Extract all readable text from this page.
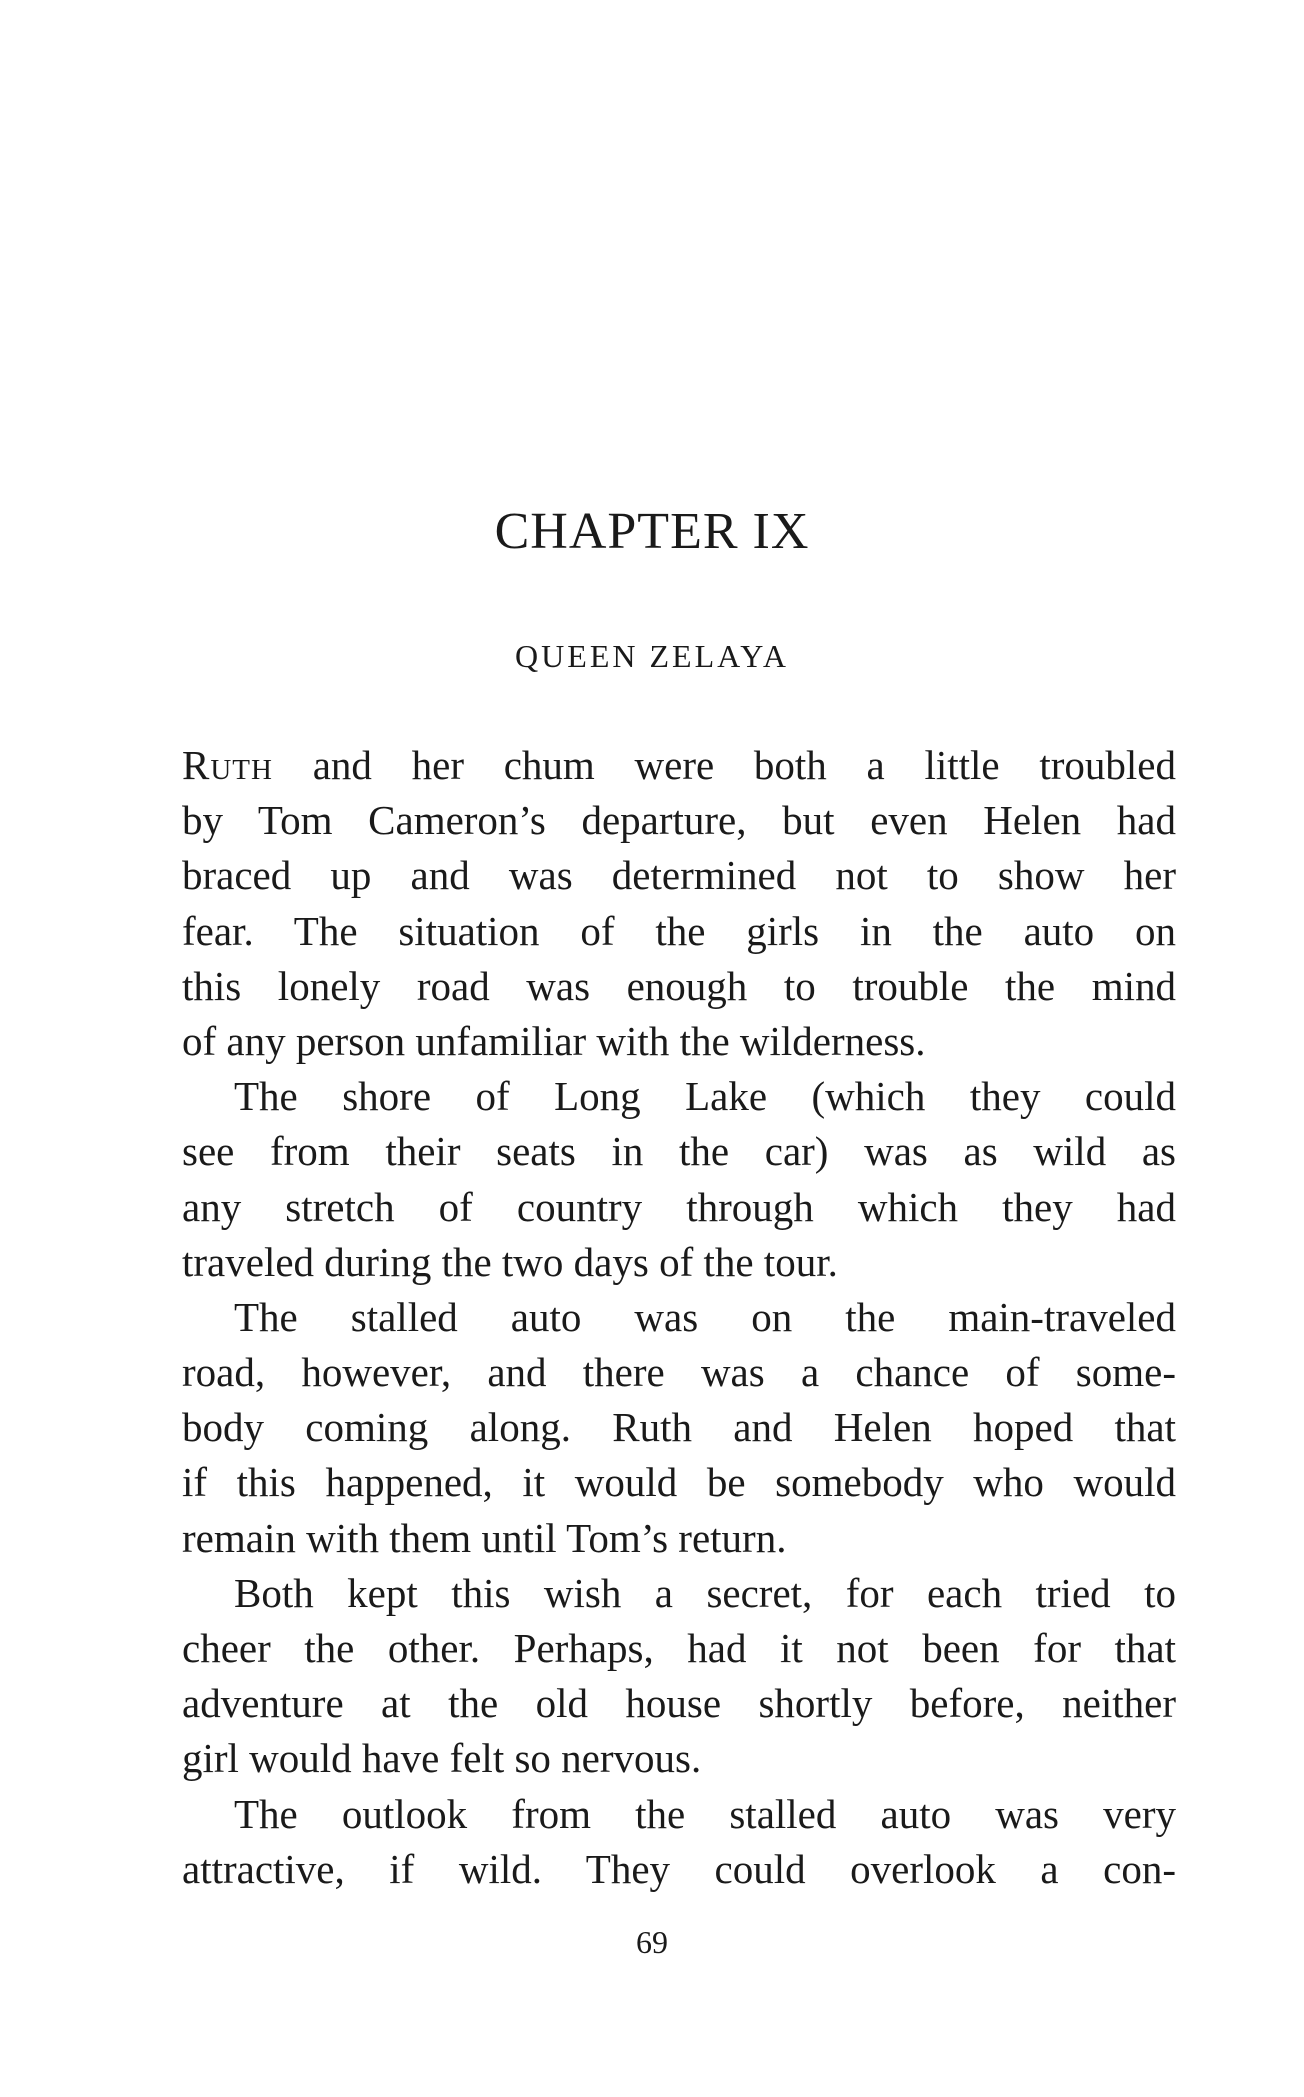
CHAPTER IX
QUEEN ZELAYA
Ruth and her chum were both a little troubled
by Tom Cameron’s departure, but even Helen had
braced up and was determined not to show her
fear. The situation of the girls in the auto on
this lonely road was enough to trouble the mind
of any person unfamiliar with the wilderness.
The shore of Long Lake (which they could
see from their seats in the car) was as wild as
any stretch of country through which they had
traveled during the two days of the tour.
The stalled auto was on the main-traveled
road, however, and there was a chance of some-
body coming along. Ruth and Helen hoped that
if this happened, it would be somebody who would
remain with them until Tom’s return.
Both kept this wish a secret, for each tried to
cheer the other. Perhaps, had it not been for that
adventure at the old house shortly before, neither
girl would have felt so nervous.
The outlook from the stalled auto was very
attractive, if wild. They could overlook a con-
69
